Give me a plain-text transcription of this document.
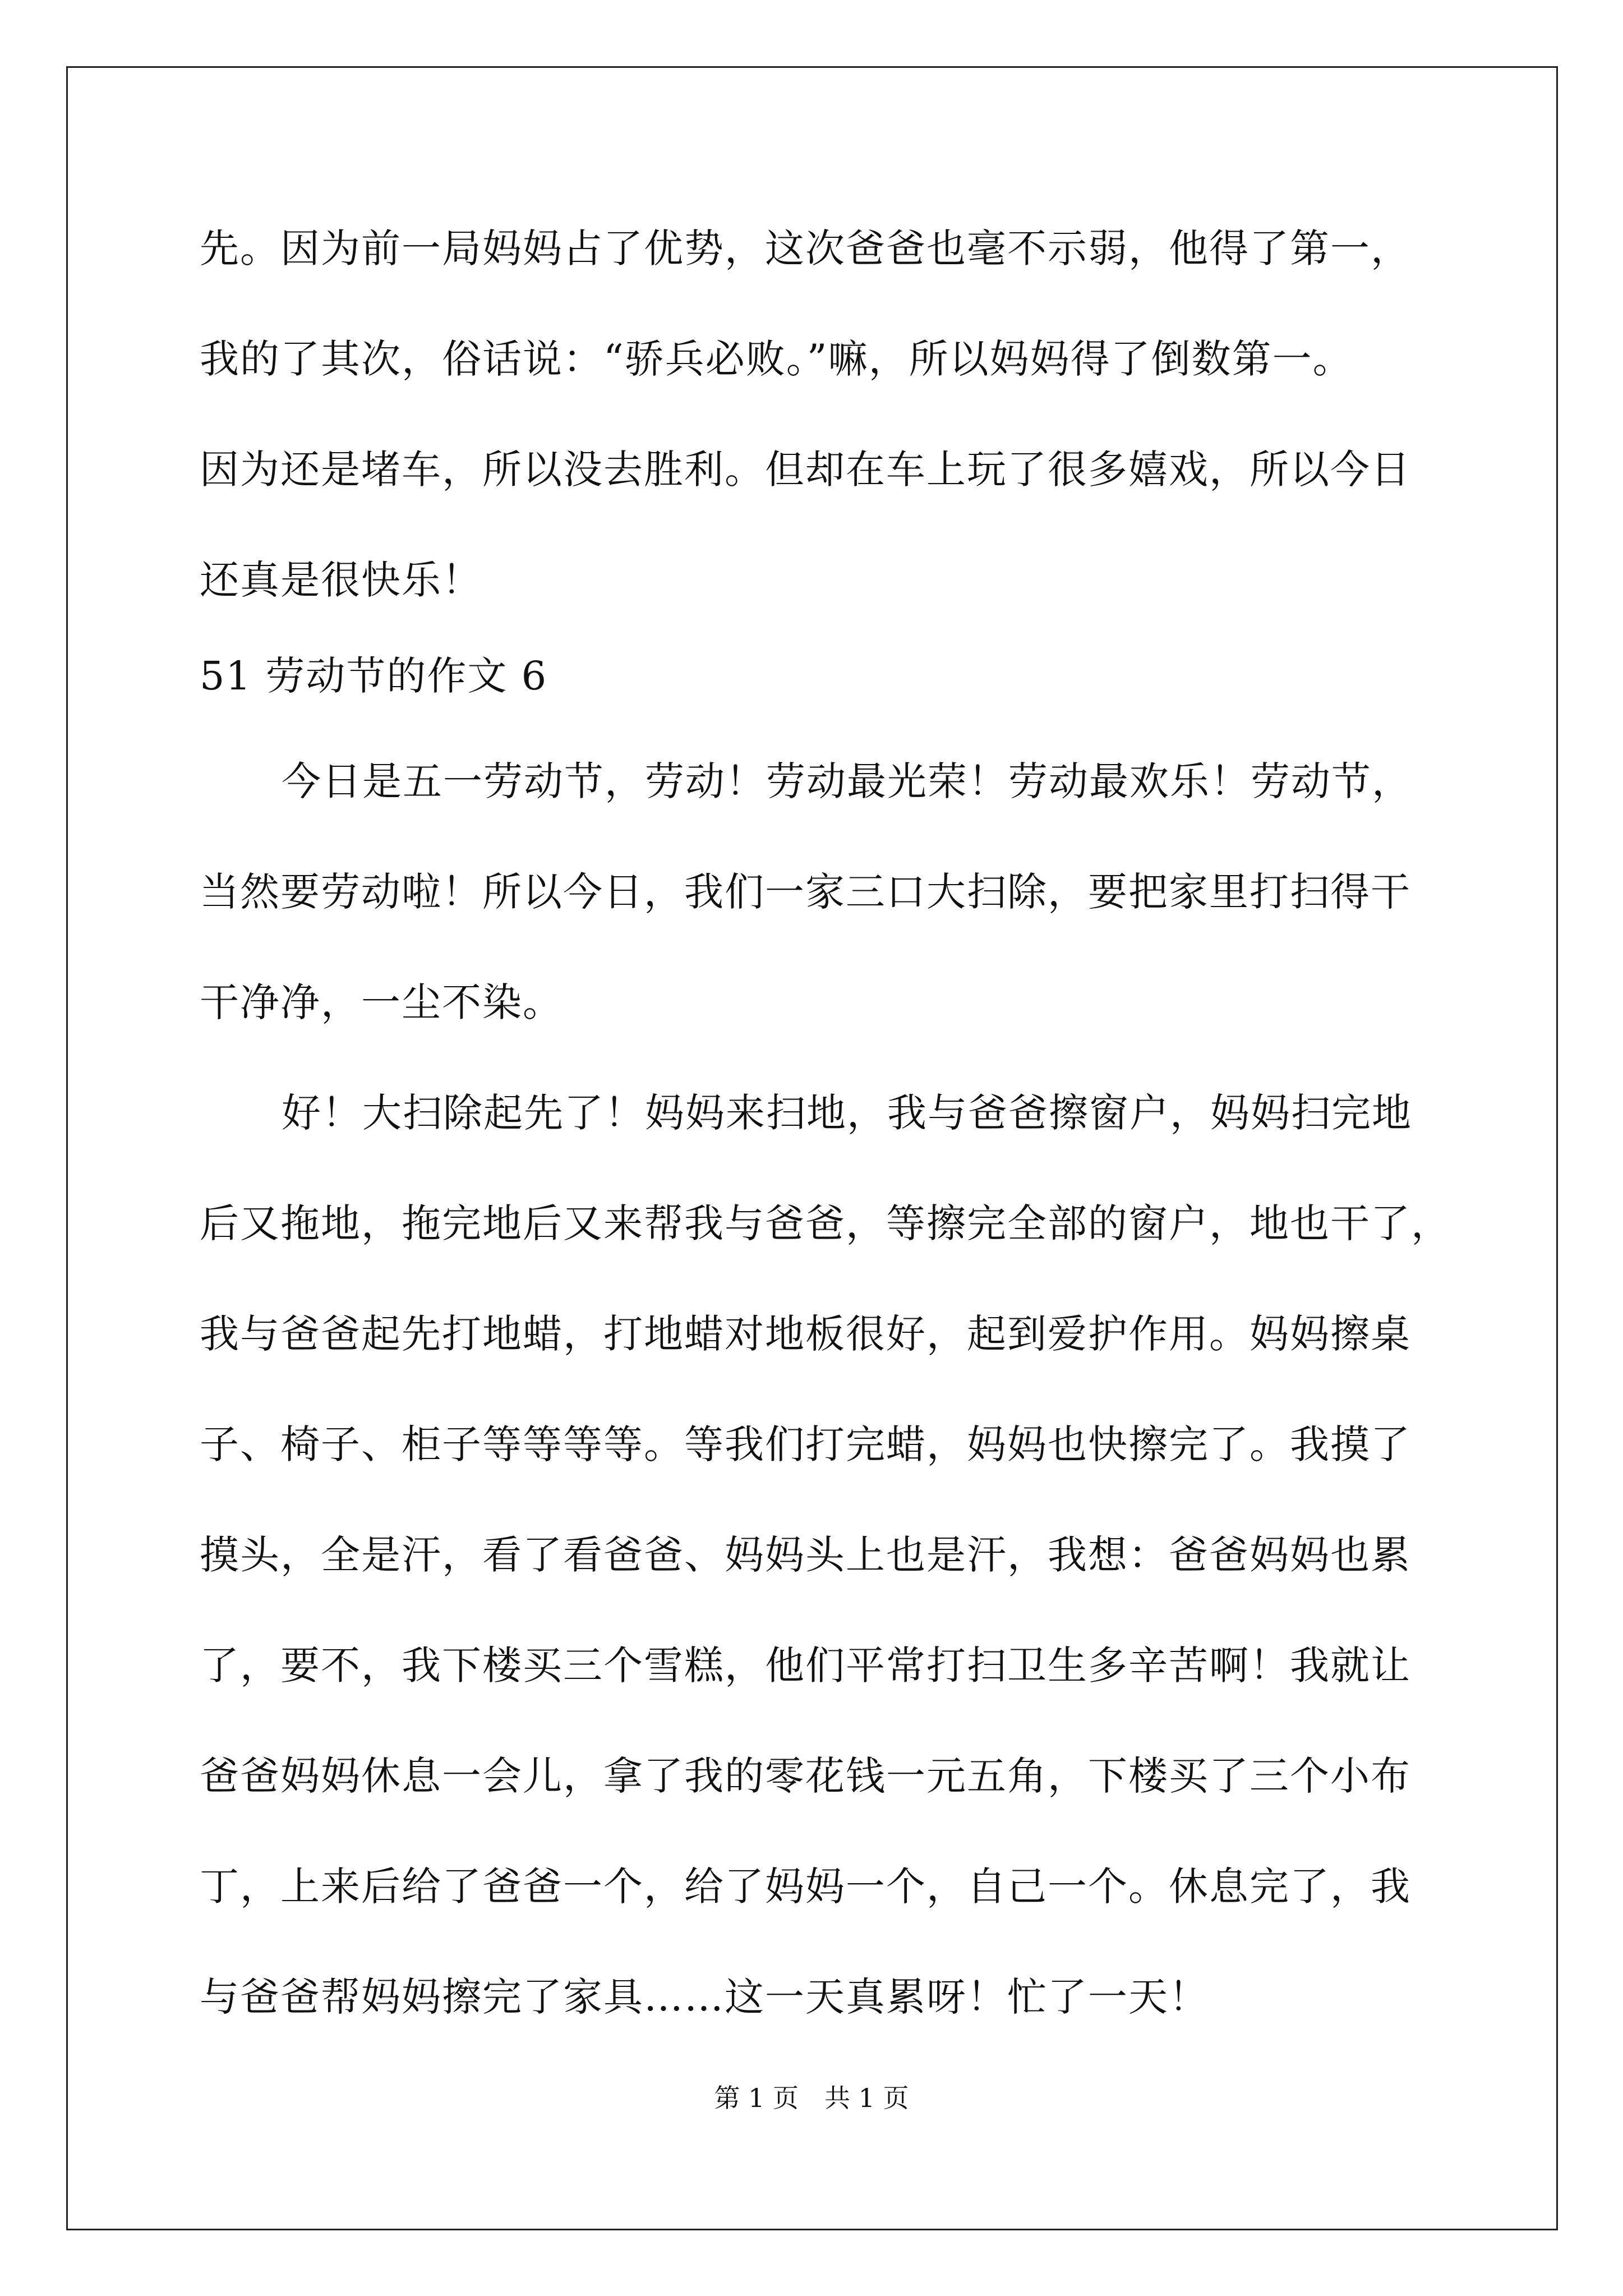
先。因为前一局妈妈占了优势，这次爸爸也毫不示弱，他得了第一，
我的了其次，俗话说：“骄兵必败。”嘛，所以妈妈得了倒数第一。
因为还是堵车，所以没去胜利。但却在车上玩了很多嬉戏，所以今日
还真是很快乐！
51 劳动节的作文 6
今日是五一劳动节，劳动！劳动最光荣！劳动最欢乐！劳动节，
当然要劳动啦！所以今日，我们一家三口大扫除，要把家里打扫得干
干净净，一尘不染。
好！大扫除起先了！妈妈来扫地，我与爸爸擦窗户，妈妈扫完地
后又拖地，拖完地后又来帮我与爸爸，等擦完全部的窗户，地也干了，
我与爸爸起先打地蜡，打地蜡对地板很好，起到爱护作用。妈妈擦桌
子、椅子、柜子等等等等。等我们打完蜡，妈妈也快擦完了。我摸了
摸头，全是汗，看了看爸爸、妈妈头上也是汗，我想：爸爸妈妈也累
了，要不，我下楼买三个雪糕，他们平常打扫卫生多辛苦啊！我就让
爸爸妈妈休息一会儿，拿了我的零花钱一元五角，下楼买了三个小布
丁，上来后给了爸爸一个，给了妈妈一个，自己一个。休息完了，我
与爸爸帮妈妈擦完了家具……这一天真累呀！忙了一天！
第 1 页　共 1 页
